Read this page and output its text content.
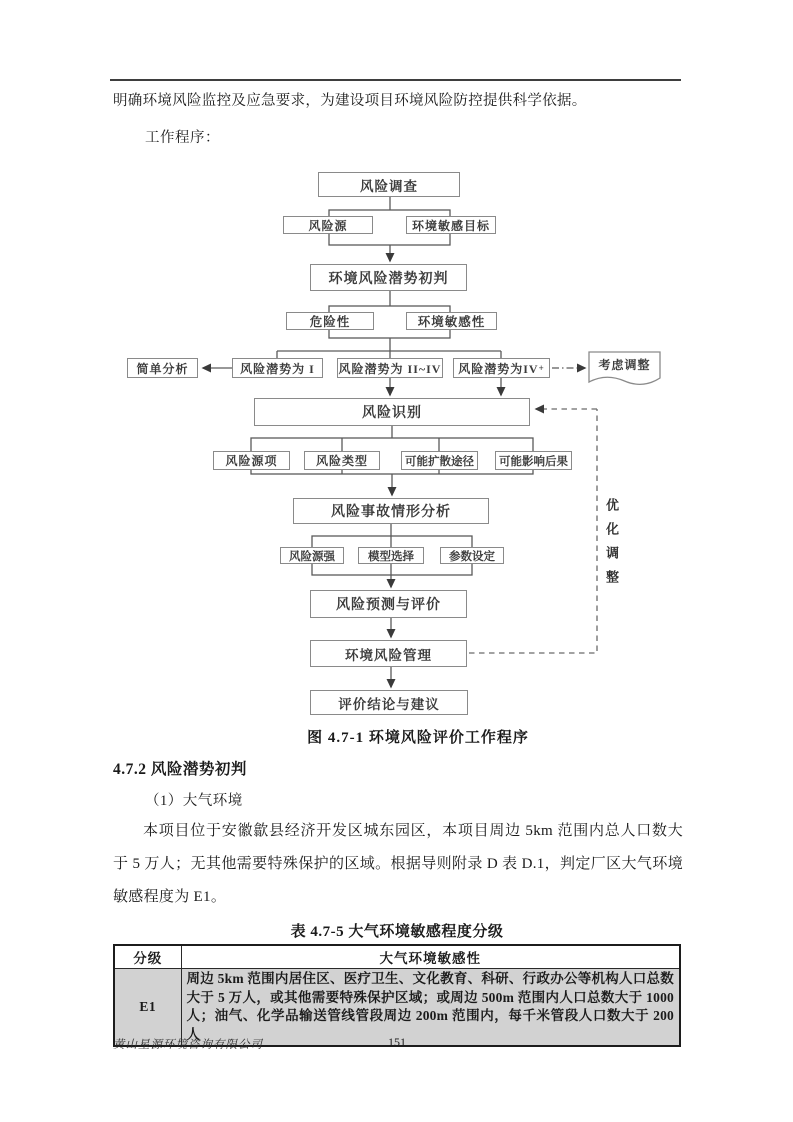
明确环境风险监控及应急要求，为建设项目环境风险防控提供科学依据。
工作程序：
风险调查
风险源	环境敏感目标
环境风险潜势初判
危险性	环境敏感性
简单分析	风险潜势为 I	风险潜势为 II~IV 风险潜势为IV +	考虑调整
风险识别
风险源项	风险类型	可能扩散途径	可能影响后果
风险事故情形分析
风险源强	模型选择	参数设定
风险预测与评价
环境风险管理
评价结论与建议
优化调整
图 4.7-1 环境风险评价工作程序
4.7.2 风险潜势初判
（1）大气环境
本项目位于安徽歙县经济开发区城东园区，本项目周边 5km 范围内总人口数大于 5 万人；无其他需要特殊保护的区域。根据导则附录 D 表 D.1，判定厂区大气环境敏感程度为 E1。
表 4.7-5 大气环境敏感程度分级
分级	大气环境敏感性
E1	周边 5km 范围内居住区、医疗卫生、文化教育、科研、行政办公等机构人口总数大于 5 万人，或其他需要特殊保护区域；或周边 500m 范围内人口总数大于 1000 人；油气、化学品输送管线管段周边 200m 范围内，每千米管段人口数大于 200 人
黄山星源环境咨询有限公司	151
